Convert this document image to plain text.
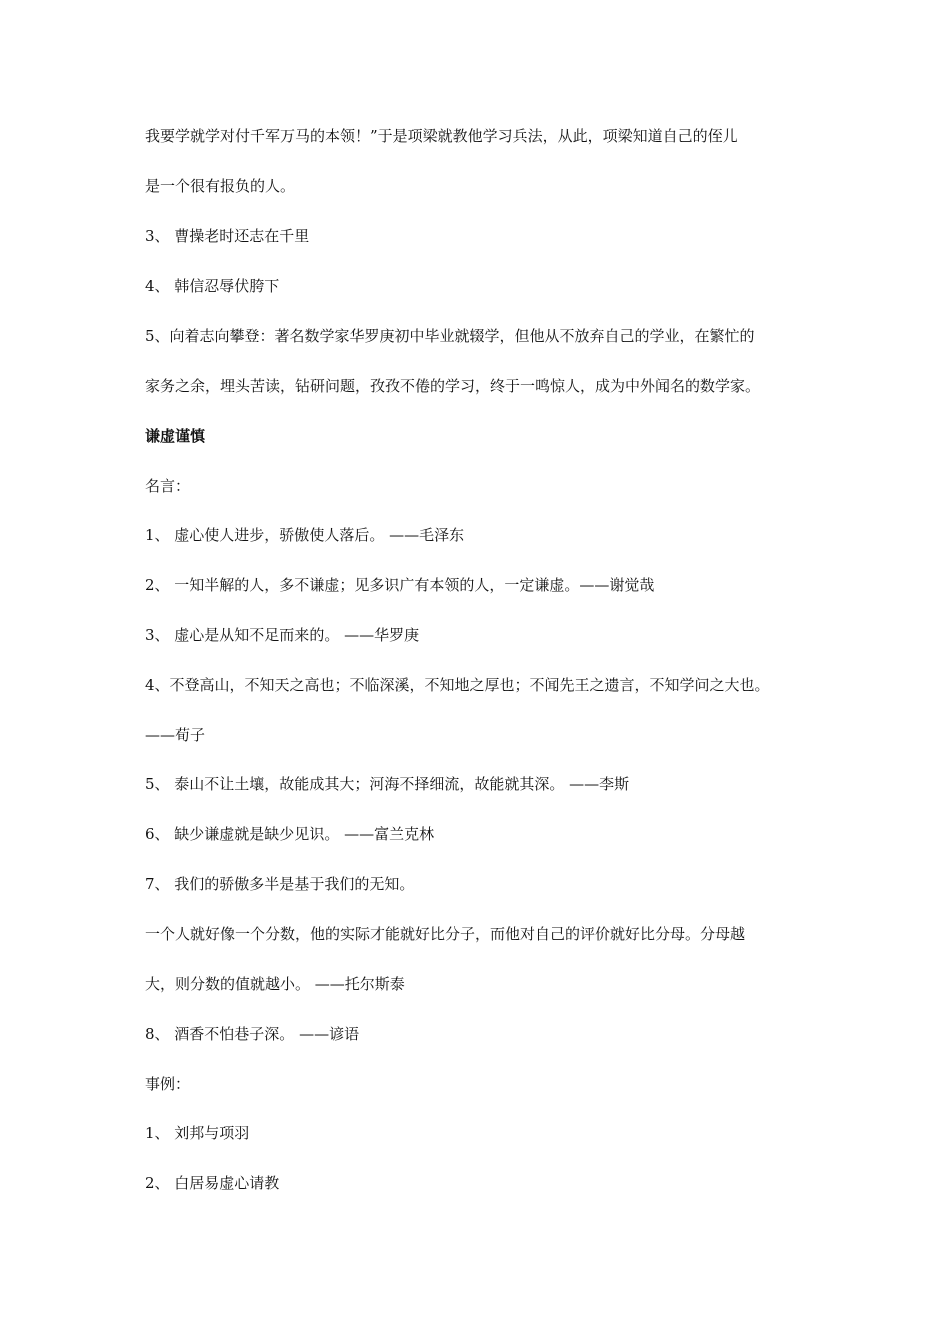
我要学就学对付千军万马的本领！”于是项梁就教他学习兵法，从此，项梁知道自己的侄儿
是一个很有报负的人。
3、 曹操老时还志在千里
4、 韩信忍辱伏胯下
5、向着志向攀登：著名数学家华罗庚初中毕业就辍学，但他从不放弃自己的学业，在繁忙的
家务之余，埋头苦读，钻研问题，孜孜不倦的学习，终于一鸣惊人，成为中外闻名的数学家。
谦虚谨慎
名言：
1、 虚心使人进步，骄傲使人落后。 ——毛泽东
2、 一知半解的人，多不谦虚；见多识广有本领的人，一定谦虚。——谢觉哉
3、 虚心是从知不足而来的。 ——华罗庚
4、不登高山，不知天之高也；不临深溪，不知地之厚也；不闻先王之遗言，不知学问之大也。
——荀子
5、 泰山不让土壤，故能成其大；河海不择细流，故能就其深。 ——李斯
6、 缺少谦虚就是缺少见识。 ——富兰克林
7、 我们的骄傲多半是基于我们的无知。
一个人就好像一个分数，他的实际才能就好比分子，而他对自己的评价就好比分母。分母越
大，则分数的值就越小。 ——托尔斯泰
8、 酒香不怕巷子深。 ——谚语
事例：
1、 刘邦与项羽
2、 白居易虚心请教
